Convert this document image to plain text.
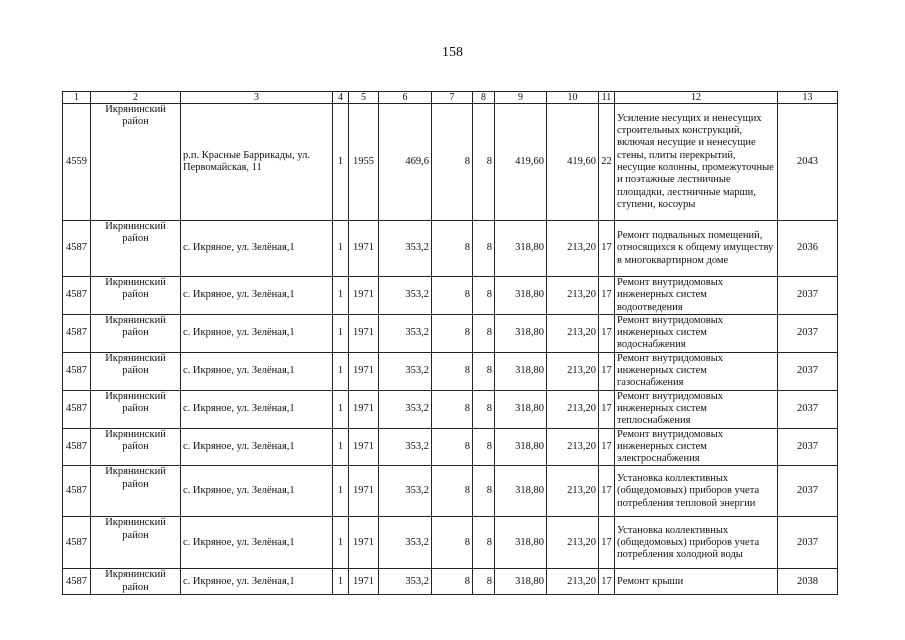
158
1	2	3	4	5	6	7	8	9	10	11	12	13
4559	Икрянинский район	р.п. Красные Баррикады, ул. Первомайская, 11	1	1955	469,6	8	8	419,60	419,60	22	Усиление несущих и ненесущих строительных конструкций, включая несущие и ненесущие стены, плиты перекрытий, несущие колонны, промежуточные и поэтажные лестничные площадки, лестничные марши, ступени, косоуры	2043
4587	Икрянинский район	с. Икряное, ул. Зелёная,1	1	1971	353,2	8	8	318,80	213,20	17	Ремонт подвальных помещений, относящихся к общему имуществу в многоквартирном доме	2036
4587	Икрянинский район	с. Икряное, ул. Зелёная,1	1	1971	353,2	8	8	318,80	213,20	17	Ремонт внутридомовых инженерных систем водоотведения	2037
4587	Икрянинский район	с. Икряное, ул. Зелёная,1	1	1971	353,2	8	8	318,80	213,20	17	Ремонт внутридомовых инженерных систем водоснабжения	2037
4587	Икрянинский район	с. Икряное, ул. Зелёная,1	1	1971	353,2	8	8	318,80	213,20	17	Ремонт внутридомовых инженерных систем газоснабжения	2037
4587	Икрянинский район	с. Икряное, ул. Зелёная,1	1	1971	353,2	8	8	318,80	213,20	17	Ремонт внутридомовых инженерных систем теплоснабжения	2037
4587	Икрянинский район	с. Икряное, ул. Зелёная,1	1	1971	353,2	8	8	318,80	213,20	17	Ремонт внутридомовых инженерных систем электроснабжения	2037
4587	Икрянинский район	с. Икряное, ул. Зелёная,1	1	1971	353,2	8	8	318,80	213,20	17	Установка коллективных (общедомовых) приборов учета потребления тепловой энергии	2037
4587	Икрянинский район	с. Икряное, ул. Зелёная,1	1	1971	353,2	8	8	318,80	213,20	17	Установка коллективных (общедомовых) приборов учета потребления холодной воды	2037
4587	Икрянинский район	с. Икряное, ул. Зелёная,1	1	1971	353,2	8	8	318,80	213,20	17	Ремонт крыши	2038
